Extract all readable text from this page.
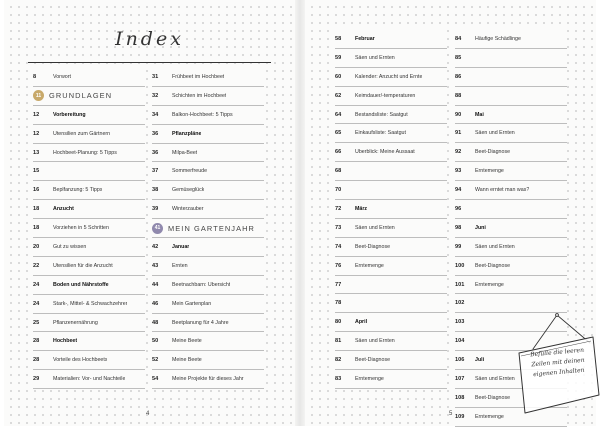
Index
8	Vorwort
11	GRUNDLAGEN
12	Vorbereitung
12	Utensilien zum Gärtnern
13	Hochbeet-Planung: 5 Tipps
15
16	Beplfanzung: 5 Tipps
18	Anzucht
18	Vorziehen in 5 Schritten
20	Gut zu wissen
22	Utensilien für die Anzucht
24	Boden und Nährstoffe
24	Stark-, Mittel- & Schwachzehrer
25	Pflanzenernährung
28	Hochbeet
28	Vorteile des Hochbeets
29	Materialien: Vor- und Nachteile
31	Frühbeet im Hochbeet
32	Schichten im Hochbeet
34	Balkon-Hochbeet: 5 Tipps
36	Pflanzpläne
36	Milpa-Beet
37	Sommerfreude
38	Gemüseglück
39	Winterzauber
41	MEIN GARTENJAHR
42	Januar
43	Ernten
44	Beetnachbarn: Übersicht
46	Mein Gartenplan
48	Beetplanung für 4 Jahre
50	Meine Beete
52	Meine Beete
54	Meine Projekte für dieses Jahr
58	Februar
59	Säen und Ernten
60	Kalender: Anzucht und Ernte
62	Keimdauer/-temperaturen
64	Bestandsliste: Saatgut
65	Einkaufsliste: Saatgut
66	Überblick: Meine Aussaat
68
70
72	März
73	Säen und Ernten
74	Beet-Diagnose
76	Erntemenge
77
78
80	April
81	Säen und Ernten
82	Beet-Diagnose
83	Erntemenge
84	Häufige Schädlinge
85
86
88
90	Mai
91	Säen und Ernten
92	Beet-Diagnose
93	Erntemenge
94	Wann erntet man was?
96
98	Juni
99	Säen und Ernten
100	Beet-Diagnose
101	Erntemenge
102
103
104
106	Juli
107	Säen und Ernten
108	Beet-Diagnose
109	Erntemenge
4	5
Befülle die leeren
Zeilen mit deinen
eigenen Inhalten
